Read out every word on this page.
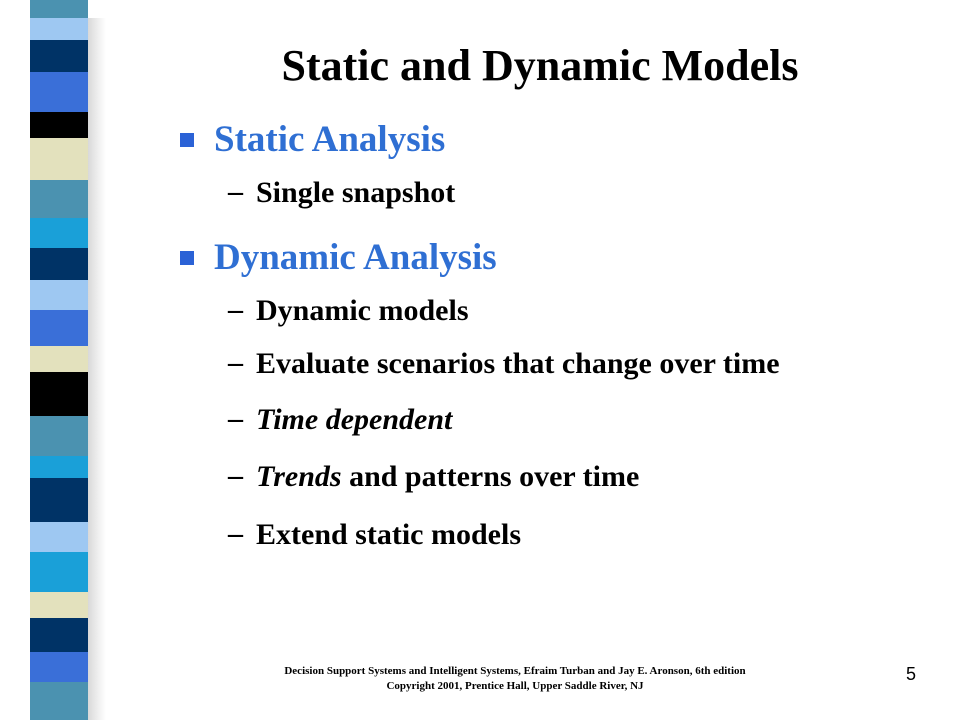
Static and Dynamic Models
Static Analysis
– Single snapshot
Dynamic Analysis
– Dynamic models
– Evaluate scenarios that change over time
– Time dependent
– Trends and patterns over time
– Extend static models
Decision Support Systems and Intelligent Systems, Efraim Turban and Jay E. Aronson, 6th edition
Copyright 2001, Prentice Hall, Upper Saddle River, NJ
5
